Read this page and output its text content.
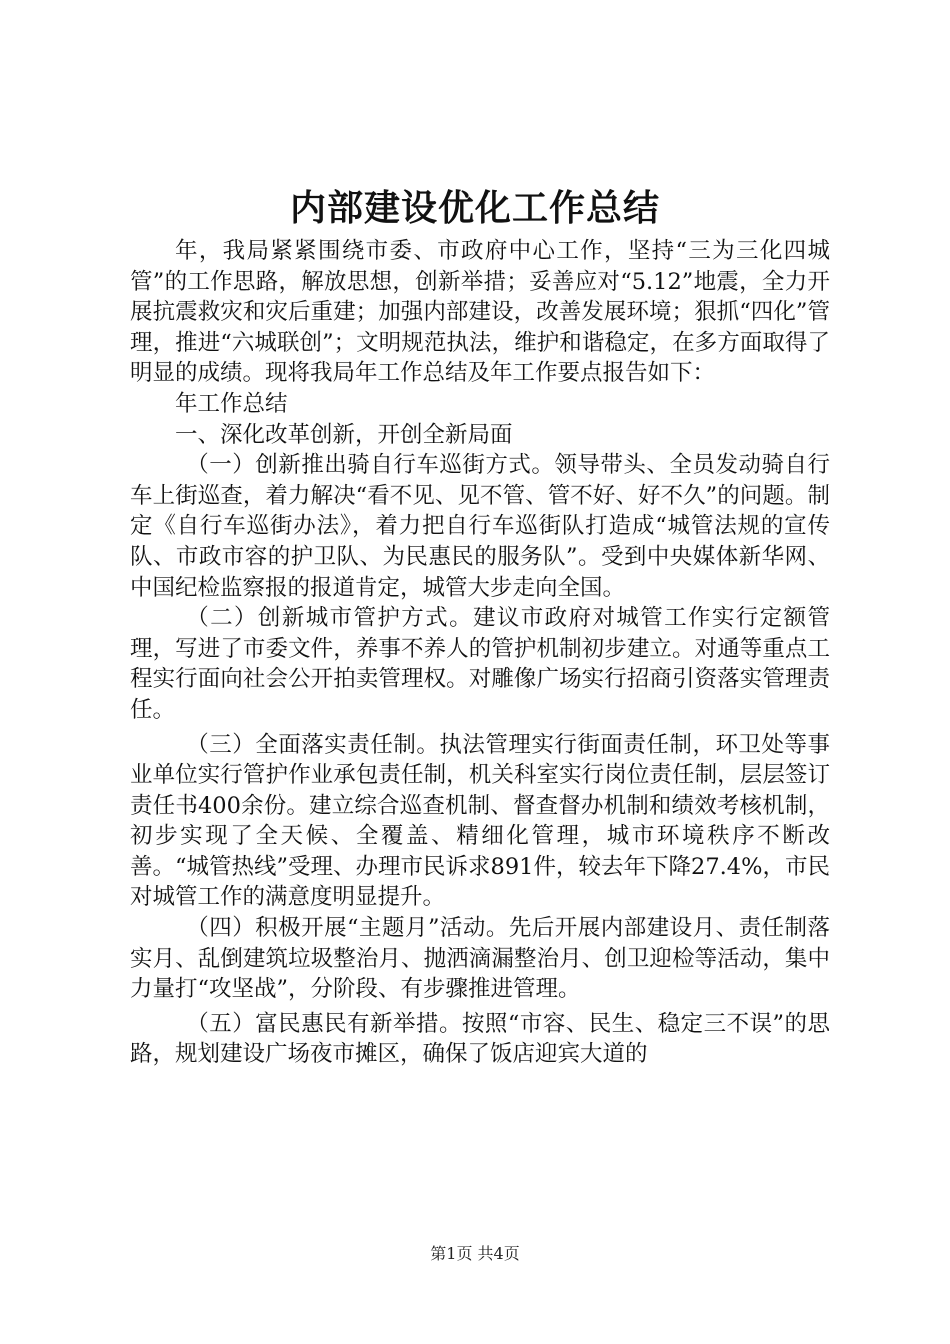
内部建设优化工作总结

年，我局紧紧围绕市委、市政府中心工作，坚持“三为三化四城管”的工作思路，解放思想，创新举措；妥善应对“5.12”地震，全力开展抗震救灾和灾后重建；加强内部建设，改善发展环境；狠抓“四化”管理，推进“六城联创”；文明规范执法，维护和谐稳定，在多方面取得了明显的成绩。现将我局年工作总结及年工作要点报告如下：

年工作总结

一、深化改革创新，开创全新局面

（一）创新推出骑自行车巡街方式。领导带头、全员发动骑自行车上街巡查，着力解决“看不见、见不管、管不好、好不久”的问题。制定《自行车巡街办法》，着力把自行车巡街队打造成“城管法规的宣传队、市政市容的护卫队、为民惠民的服务队”。受到中央媒体新华网、中国纪检监察报的报道肯定，城管大步走向全国。

（二）创新城市管护方式。建议市政府对城管工作实行定额管理，写进了市委文件，养事不养人的管护机制初步建立。对通等重点工程实行面向社会公开拍卖管理权。对雕像广场实行招商引资落实管理责任。

（三）全面落实责任制。执法管理实行街面责任制，环卫处等事业单位实行管护作业承包责任制，机关科室实行岗位责任制，层层签订责任书400余份。建立综合巡查机制、督查督办机制和绩效考核机制，初步实现了全天候、全覆盖、精细化管理，城市环境秩序不断改善。“城管热线”受理、办理市民诉求891件，较去年下降27.4%，市民对城管工作的满意度明显提升。

（四）积极开展“主题月”活动。先后开展内部建设月、责任制落实月、乱倒建筑垃圾整治月、抛洒滴漏整治月、创卫迎检等活动，集中力量打“攻坚战”，分阶段、有步骤推进管理。

（五）富民惠民有新举措。按照“市容、民生、稳定三不误”的思路，规划建设广场夜市摊区，确保了饭店迎宾大道的

第1页 共4页
